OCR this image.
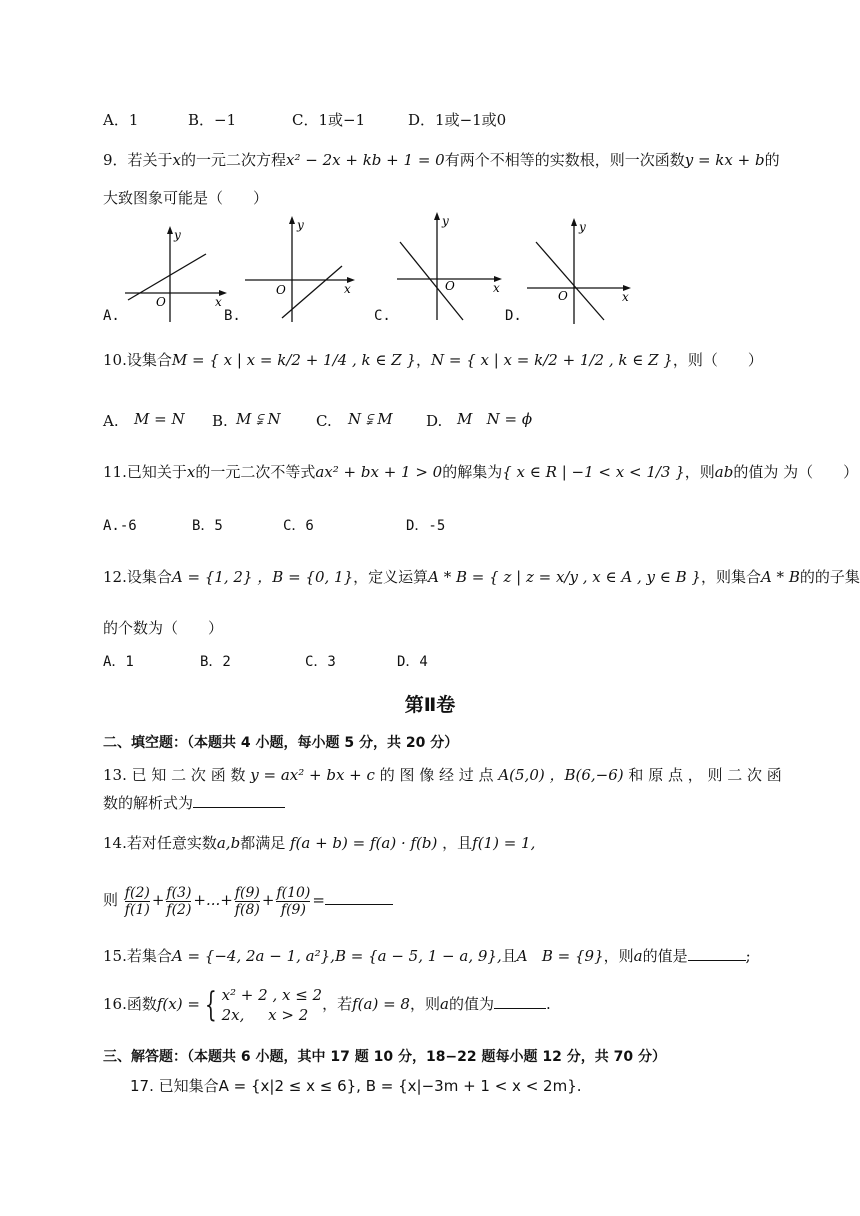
A．1	B．−1	C．1或−1	D．1或−1或0
9．若关于x的一元二次方程x² − 2x + kb + 1 = 0有两个不相等的实数根，则一次函数y = kx + b的
大致图象可能是（　　）
y
x
O
A.
y
x
O
B.
y
x
O
C.
y
x
O
D.
10.设集合M = { x | x = k/2 + 1/4 , k ∈ Z }，N = { x | x = k/2 + 1/2 , k ∈ Z }，则（　　）
A. M = N B. M ⫋ N C. N ⫋ M D. M   N = ϕ
11.已知关于x的一元二次不等式ax² + bx + 1 > 0的解集为{ x ∈ R | −1 < x < 1/3 }，则ab的值为 为（　　）
A.-6	B．5	C．6	D．-5
12.设集合A = {1, 2} ，B = {0, 1}，定义运算A * B = { z | z = x/y , x ∈ A , y ∈ B }，则集合A * B的的子集
的个数为（　　）
A．1	B．2	C．3	D．4
第Ⅱ卷
二、填空题：（本题共 4 小题，每小题 5 分，共 20 分）
13. 已 知 二 次 函 数 y = ax² + bx + c 的 图 像 经 过 点 A(5,0) ，B(6,−6) 和 原 点 ， 则 二 次 函
数的解析式为
14.若对任意实数a,b都满足 f(a + b) = f(a) · f(b) ，且f(1) = 1,
则 $\frac{f(2)}{f(1)} + \frac{f(3)}{f(2)}$ +...+ $\frac{f(9)}{f(8)} + \frac{f(10)}{f(9)}$ =
15.若集合A = {−4, 2a − 1, a²},B = {a − 5, 1 − a, 9},且A   B = {9}，则a的值是	;
16.函数f(x) = { x² + 2 , x ≤ 2
2x,     x > 2
，若f(a) = 8，则a的值为	.
三、解答题：（本题共 6 小题，其中 17 题 10 分，18−22 题每小题 12 分，共 70 分）
17. 已知集合A = {x|2 ≤ x ≤ 6}, B = {x|−3m + 1 < x < 2m}.
